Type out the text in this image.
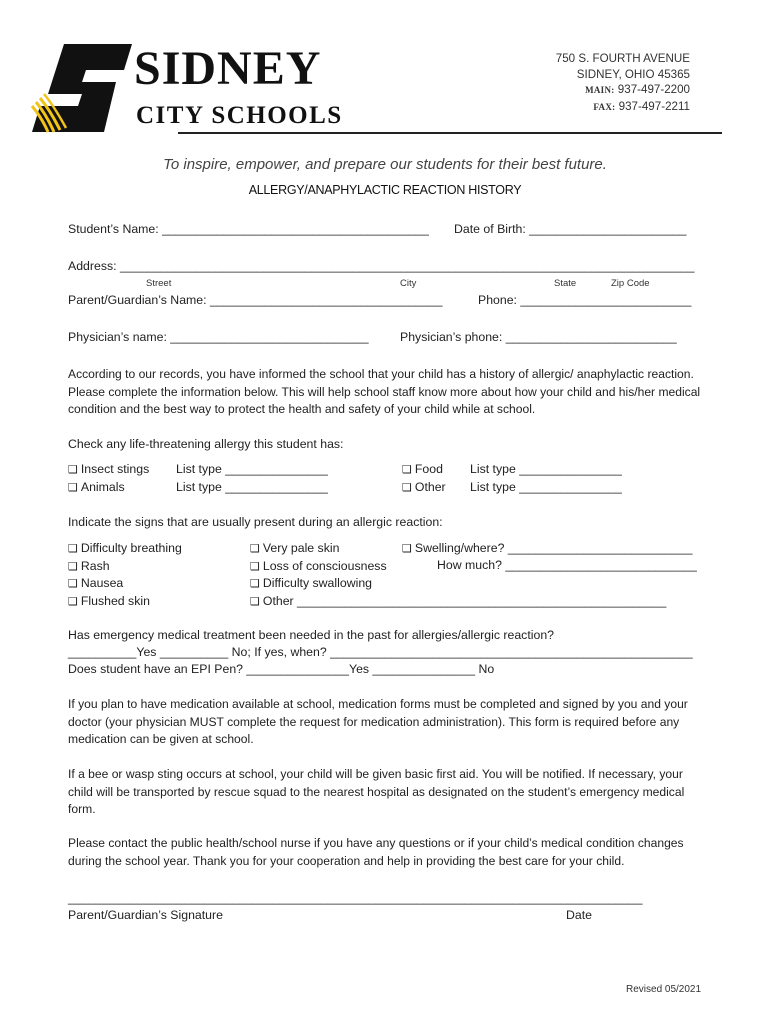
SIDNEY
CITY SCHOOLS
750 S. FOURTH AVENUE
SIDNEY, OHIO 45365
MAIN: 937-497-2200
FAX: 937-497-2211
To inspire, empower, and prepare our students for their best future.
ALLERGY/ANAPHYLACTIC REACTION HISTORY
Student’s Name: _______________________________________ Date of Birth: _______________________
Address: ____________________________________________________________________________________
Street	City	State	Zip Code
Parent/Guardian’s Name: __________________________________	Phone: _________________________
Physician’s name: _____________________________	Physician’s phone: _________________________
According to our records, you have informed the school that your child has a history of allergic/ anaphylactic reaction. Please complete the information below. This will help school staff know more about how your child and his/her medical condition and the best way to protect the health and safety of your child while at school.
Check any life-threatening allergy this student has:
❑ Insect stings List type _______________
❑ Animals	List type _______________
❑ Food List type _______________
❑ Other List type _______________
Indicate the signs that are usually present during an allergic reaction:
❑ Difficulty breathing
❑ Rash
❑ Nausea
❑ Flushed skin
❑ Very pale skin
❑ Loss of consciousness
❑ Difficulty swallowing
❑ Other ______________________________________________________
❑ Swelling/where? ___________________________
How much? ____________________________
Has emergency medical treatment been needed in the past for allergies/allergic reaction?
__________Yes __________ No; If yes, when? _____________________________________________________
Does student have an EPI Pen? _______________Yes _______________ No
If you plan to have medication available at school, medication forms must be completed and signed by you and your doctor (your physician MUST complete the request for medication administration). This form is required before any medication can be given at school.
If a bee or wasp sting occurs at school, your child will be given basic first aid. You will be notified. If necessary, your child will be transported by rescue squad to the nearest hospital as designated on the student’s emergency medical form.
Please contact the public health/school nurse if you have any questions or if your child’s medical condition changes during the school year. Thank you for your cooperation and help in providing the best care for your child.
____________________________________________________________________________________
Parent/Guardian’s Signature	Date
Revised 05/2021
